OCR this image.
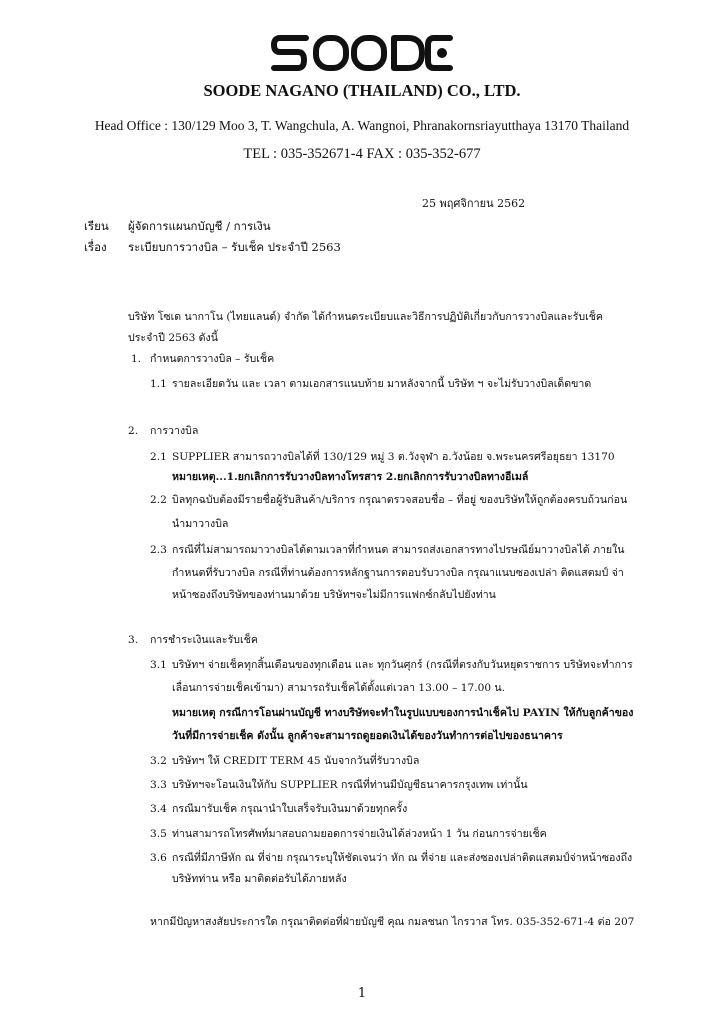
SOODE NAGANO (THAILAND) CO., LTD.
Head Office : 130/129 Moo 3, T. Wangchula, A. Wangnoi, Phranakornsriayutthaya 13170 Thailand
TEL : 035-352671-4 FAX : 035-352-677
25 พฤศจิกายน 2562
เรียน ผู้จัดการแผนกบัญชี / การเงิน
เรื่อง ระเบียบการวางบิล – รับเช็ค ประจำปี 2563
บริษัท โซเด นากาโน (ไทยแลนด์) จำกัด ได้กำหนดระเบียบและวิธีการปฏิบัติเกี่ยวกับการวางบิลและรับเช็ค
ประจำปี 2563 ดังนี้
1. กำหนดการวางบิล – รับเช็ค
1.1 รายละเอียดวัน และ เวลา ตามเอกสารแนบท้าย มาหลังจากนี้ บริษัท ฯ จะไม่รับวางบิลเด็ดขาด
2. การวางบิล
2.1 SUPPLIER สามารถวางบิลได้ที่ 130/129 หมู่ 3 ต.วังจุฬา อ.วังน้อย จ.พระนครศรีอยุธยา 13170
หมายเหตุ...1.ยกเลิกการรับวางบิลทางโทรสาร 2.ยกเลิกการรับวางบิลทางอีเมล์
2.2 บิลทุกฉบับต้องมีรายชื่อผู้รับสินค้า/บริการ กรุณาตรวจสอบชื่อ – ที่อยู่ ของบริษัทให้ถูกต้องครบถ้วนก่อน
นำมาวางบิล
2.3 กรณีที่ไม่สามารถมาวางบิลได้ตามเวลาที่กำหนด สามารถส่งเอกสารทางไปรษณีย์มาวางบิลได้ ภายใน
กำหนดที่รับวางบิล กรณีที่ท่านต้องการหลักฐานการตอบรับวางบิล กรุณาแนบซองเปล่า ติดแสตมป์ จ่า
หน้าซองถึงบริษัทของท่านมาด้วย บริษัทฯจะไม่มีการแฟกซ์กลับไปยังท่าน
3. การชำระเงินและรับเช็ค
3.1 บริษัทฯ จ่ายเช็คทุกสิ้นเดือนของทุกเดือน และ ทุกวันศุกร์ (กรณีที่ตรงกับวันหยุดราชการ บริษัทจะทำการ
เลื่อนการจ่ายเช็คเข้ามา) สามารถรับเช็คได้ตั้งแต่เวลา 13.00 – 17.00 น.
หมายเหตุ กรณีการโอนผ่านบัญชี ทางบริษัทจะทำในรูปแบบของการนำเช็คไป PAYIN ให้กับลูกค้าของ
วันที่มีการจ่ายเช็ค ดังนั้น ลูกค้าจะสามารถดูยอดเงินได้ของวันทำการต่อไปของธนาคาร
3.2 บริษัทฯ ให้ CREDIT TERM 45 นับจากวันที่รับวางบิล
3.3 บริษัทฯจะโอนเงินให้กับ SUPPLIER กรณีที่ท่านมีบัญชีธนาคารกรุงเทพ เท่านั้น
3.4 กรณีมารับเช็ค กรุณานำใบเสร็จรับเงินมาด้วยทุกครั้ง
3.5 ท่านสามารถโทรศัพท์มาสอบถามยอดการจ่ายเงินได้ล่วงหน้า 1 วัน ก่อนการจ่ายเช็ค
3.6 กรณีที่มีภาษีหัก ณ ที่จ่าย กรุณาระบุให้ชัดเจนว่า หัก ณ ที่จ่าย และส่งซองเปล่าติดแสตมป์จ่าหน้าซองถึง
บริษัทท่าน หรือ มาติดต่อรับได้ภายหลัง
หากมีปัญหาสงสัยประการใด กรุณาติดต่อที่ฝ่ายบัญชี คุณ กมลชนก ไกรวาส โทร. 035-352-671-4 ต่อ 207
1
